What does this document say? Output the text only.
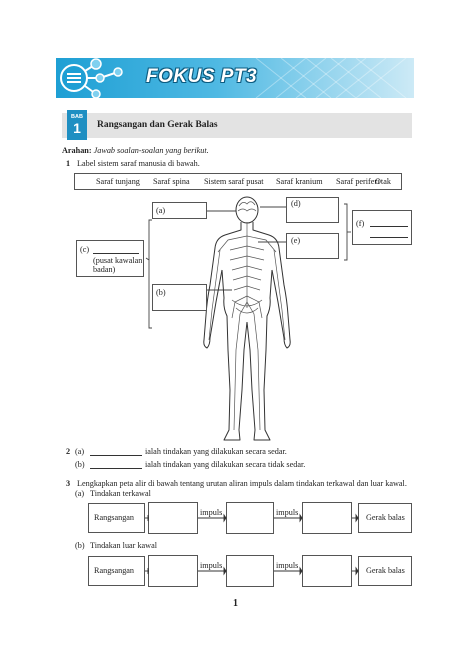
FOKUS PT3
BAB
1	Rangsangan dan Gerak Balas
Arahan: Jawab soalan-soalan yang berikut.
1 Label sistem saraf manusia di bawah.
Saraf tunjang Saraf spina Sistem saraf pusat Saraf kranium Saraf periferi
Otak
(a)
(b)
(c)
(pusat kawalan
badan)
(d)
(e)
(f)
2 (a)	ialah tindakan yang dilakukan secara sedar.
(b)	ialah tindakan yang dilakukan secara tidak sedar.
3 Lengkapkan peta alir di bawah tentang urutan aliran impuls dalam tindakan terkawal dan luar kawal.
(a) Tindakan terkawal
Rangsangan	Gerak balas
impuls	impuls
(b) Tindakan luar kawal
Rangsangan	Gerak balas
impuls	impuls
1
